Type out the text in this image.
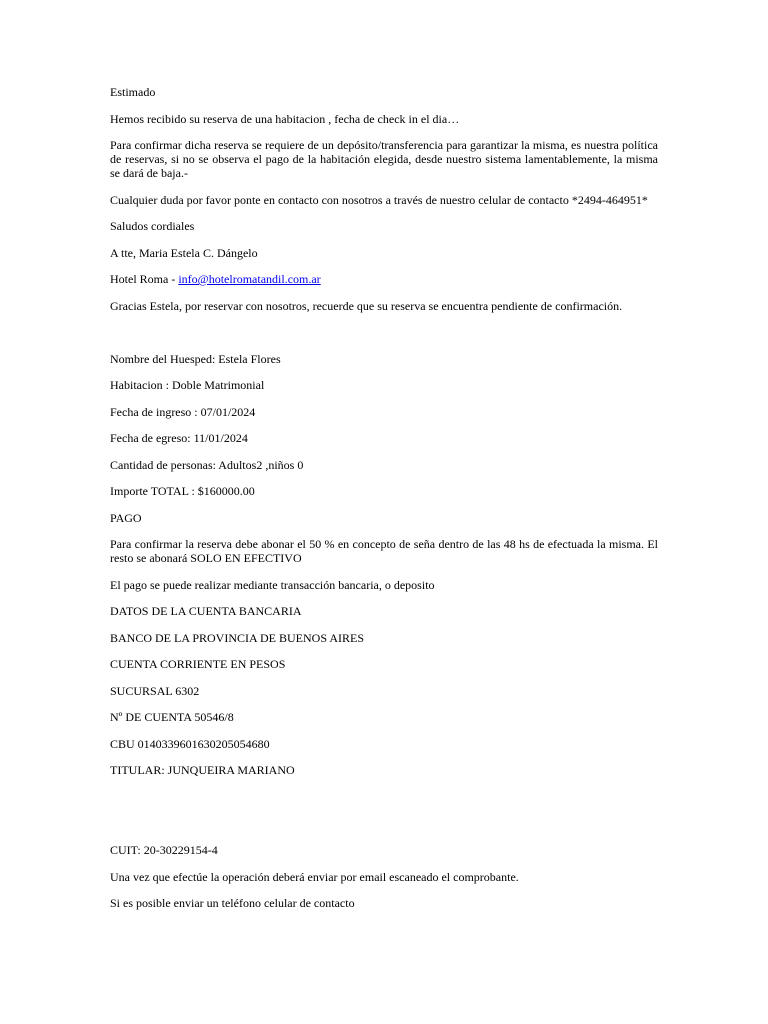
Estimado

Hemos recibido su reserva de una habitacion , fecha de check in el dia…

Para confirmar dicha reserva se requiere de un depósito/transferencia para garantizar la misma, es nuestra política de reservas, si no se observa el pago de la habitación elegida, desde nuestro sistema lamentablemente, la misma se dará de baja.-

Cualquier duda por favor ponte en contacto con nosotros a través de nuestro celular de contacto *2494-464951*

Saludos cordiales

A tte, Maria Estela C. Dángelo

Hotel Roma - info@hotelromatandil.com.ar

Gracias Estela, por reservar con nosotros, recuerde que su reserva se encuentra pendiente de confirmación.

Nombre del Huesped: Estela Flores

Habitacion : Doble Matrimonial

Fecha de ingreso : 07/01/2024

Fecha de egreso: 11/01/2024

Cantidad de personas: Adultos2 ,niños 0

Importe TOTAL : $160000.00

PAGO

Para confirmar la reserva debe abonar el 50 % en concepto de seña dentro de las 48 hs de efectuada la misma. El resto se abonará SOLO EN EFECTIVO

El pago se puede realizar mediante transacción bancaria, o deposito

DATOS DE LA CUENTA BANCARIA

BANCO DE LA PROVINCIA DE BUENOS AIRES

CUENTA CORRIENTE EN PESOS

SUCURSAL 6302

Nº DE CUENTA 50546/8

CBU 0140339601630205054680

TITULAR: JUNQUEIRA MARIANO

CUIT: 20-30229154-4

Una vez que efectúe la operación deberá enviar por email escaneado el comprobante.

Si es posible enviar un teléfono celular de contacto
